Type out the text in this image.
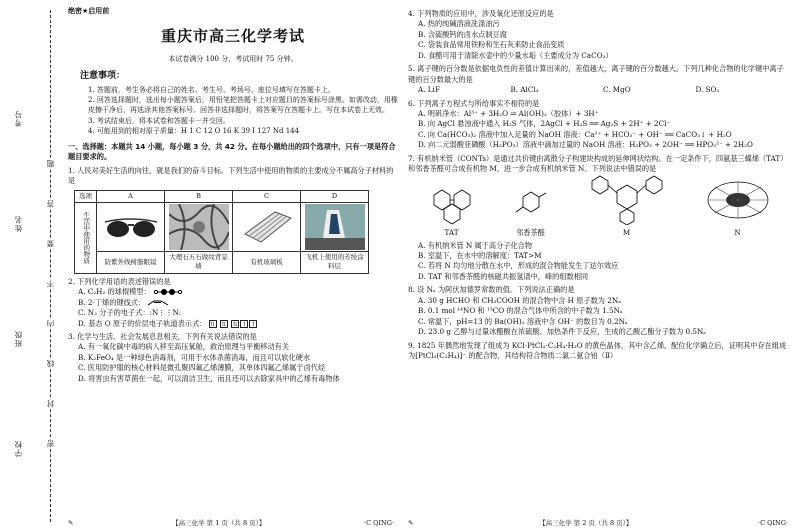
学校
班级
姓名
考号
密
封
线
内
不
要
答
题
绝密★启用前
重庆市高三化学考试
本试卷满分 100 分，考试用时 75 分钟。
注意事项：

1. 答题前，考生务必将自己的姓名、考生号、考场号、座位号填写在答题卡上。

2. 回答选择题时，选出每小题答案后，用铅笔把答题卡上对应题目的答案标号涂黑。如需改动，用橡皮擦干净后，再选涂其他答案标号。回答非选择题时，将答案写在答题卡上。写在本试卷上无效。

3. 考试结束后，将本试卷和答题卡一并交回。

4. 可能用到的相对原子质量：H 1 C 12 O 16 K 39 I 127 Nd 144

一、选择题：本题共 14 小题，每小题 3 分，共 42 分。在每小题给出的四个选项中，只有一项是符合题目要求的。
1. 人民对美好生活的向往，就是我们的奋斗目标。下列生活中使用的物质的主要成分不属高分子材料的是
选项	A	B	C	D
生活中使用的物质	

	防紫外线树脂眼镜	大理石五石做纹背景墙	有机玻璃板	飞机上使用的芳纶涂料层
2. 下列化学用语的表述错误的是
A. C₂H₂ 的球棍模型：
B. 2-丁烯的键线式：
C. N₂ 分子的电子式：:N⋮⋮N:
D. 基态 O 原子的价层电子轨道表示式： ⇅ ⇅ ⇅ ↑ ↑
3. 化学与生活、社会发展息息相关，下列有关说法错误的是
A. 有一氧化碳中毒的病人移至高压氧舱，救治原理与平衡移动有关
B. K₂FeO₄ 是一种绿色消毒剂，可用于水体杀菌消毒，而且可以软化硬水
C. 医用防护服的核心材料是微孔聚四氟乙烯薄膜，其单体四氟乙烯属于卤代烃
D. 将害虫有害草菌在一起，可以清洁卫生，而且还可以去除家具中的乙烯有毒物体
✎	【高三化学 第 1 页（共 8 页）】	·C QING·
4. 下列物质的应用中，涉及氧化还原反应的是
A. 热的纯碱溶液洗涤油污
B. 含硫酸钙的卤水点制豆腐
C. 袋装食品常用铁粉和生石灰来防止食品变质
D. 食醋可用于清除水壶中的少量水垢（主要成分为 CaCO₃）
5. 离子键的百分数是依据电负性的差值计算出来的，差值越大，离子键的百分数越大。下列几种化合物的化学键中离子键的百分数最大的是
A. LiF	B. AlCl₃	C. MgO	D. SO₂
6. 下列离子方程式与所给事实不相符的是
A. 明矾净水：Al³⁺ + 3H₂O ⇌ Al(OH)₃（胶体）+ 3H⁺
B. 向 AgCl 悬浊液中通入 H₂S 气体，2AgCl + H₂S ══ Ag₂S + 2H⁺ + 2Cl⁻
C. 向 Ca(HCO₃)₂ 溶液中加入足量的 NaOH 溶液：Ca²⁺ + HCO₃⁻ + OH⁻ ══ CaCO₃↓ + H₂O
D. 向二元弱酸亚磷酸（H₃PO₃）溶液中滴加过量的 NaOH 溶液：H₃PO₃ + 2OH⁻ ══ HPO₃²⁻ + 2H₂O
7. 有机纳米管（CONTs）是通过共价键由离散分子构建块构成的延伸网状结构。在一定条件下，四氨基三蝶烯（TAT）和邻香茶醛可合成有机物 M，进一步合成有机纳米管 N。下列说法中错误的是
TAT	邻香茶醛	M	N
A. 有机纳米管 N 属于高分子化合物
B. 室温下，在水中的溶解度：TAT>M
C. 若将 N 均匀地分散在水中，形成的混合物能发生丁达尔效应
D. TAT 和邻香茶醛的核磁共振氢谱中，峰的组数相同
8. 设 Nₐ 为阿伏加德罗常数的值。下列说法正确的是
A. 30 g HCHO 和 CH₃COOH 的混合物中含 H 原子数为 2Nₐ
B. 0.1 mol ¹⁴NO 和 ¹³CO 的混合气体中所含的中子数为 1.5Nₐ
C. 常温下，pH=13 的 Ba(OH)₂ 溶液中含 OH⁻ 的数目为 0.2Nₐ
D. 23.0 g 乙醇与过量冰醋酸在浓硫酸、加热条件下反应，生成的乙酸乙酯分子数为 0.5Nₐ
9. 1825 年偶然地发现了组成为 KCl·PtCl₂·C₂H₄·H₂O 的黄色晶体，其中含乙烯，配位化学确立后，证明其中存在组成为[PtCl₃(C₂H₄)]⁻ 的配合物，其结构符合物质二氯二氨合铂（Ⅱ）
✎	【高三化学 第 2 页（共 8 页）】	·C QING·
